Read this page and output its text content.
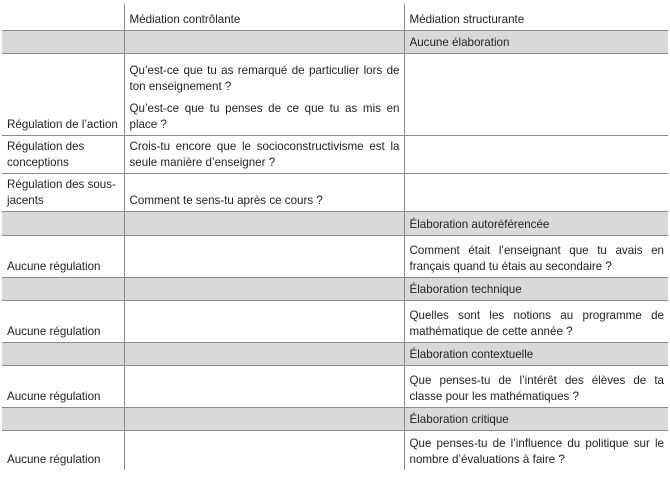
	Médiation contrôlante	Médiation structurante
		Aucune élaboration
Régulation de l’action	Qu’est-ce que tu as remarqué de particulier lors de ton enseignement ?
Qu’est-ce que tu penses de ce que tu as mis en place ?	

Régulation des conceptions	Crois-tu encore que le socioconstructivisme est la seule manière d’enseigner ?	

Régulation des sous-jacents	Comment te sens-tu après ce cours ?	

		Élaboration autoréférencée
Aucune régulation		Comment était l’enseignant que tu avais en français quand tu étais au secondaire ?
		Élaboration technique
Aucune régulation		Quelles sont les notions au programme de mathématique de cette année ?
		Élaboration contextuelle
Aucune régulation		Que penses-tu de l’intérêt des élèves de ta classe pour les mathématiques ?
		Élaboration critique
Aucune régulation		Que penses-tu de l’influence du politique sur le nombre d’évaluations à faire ?
